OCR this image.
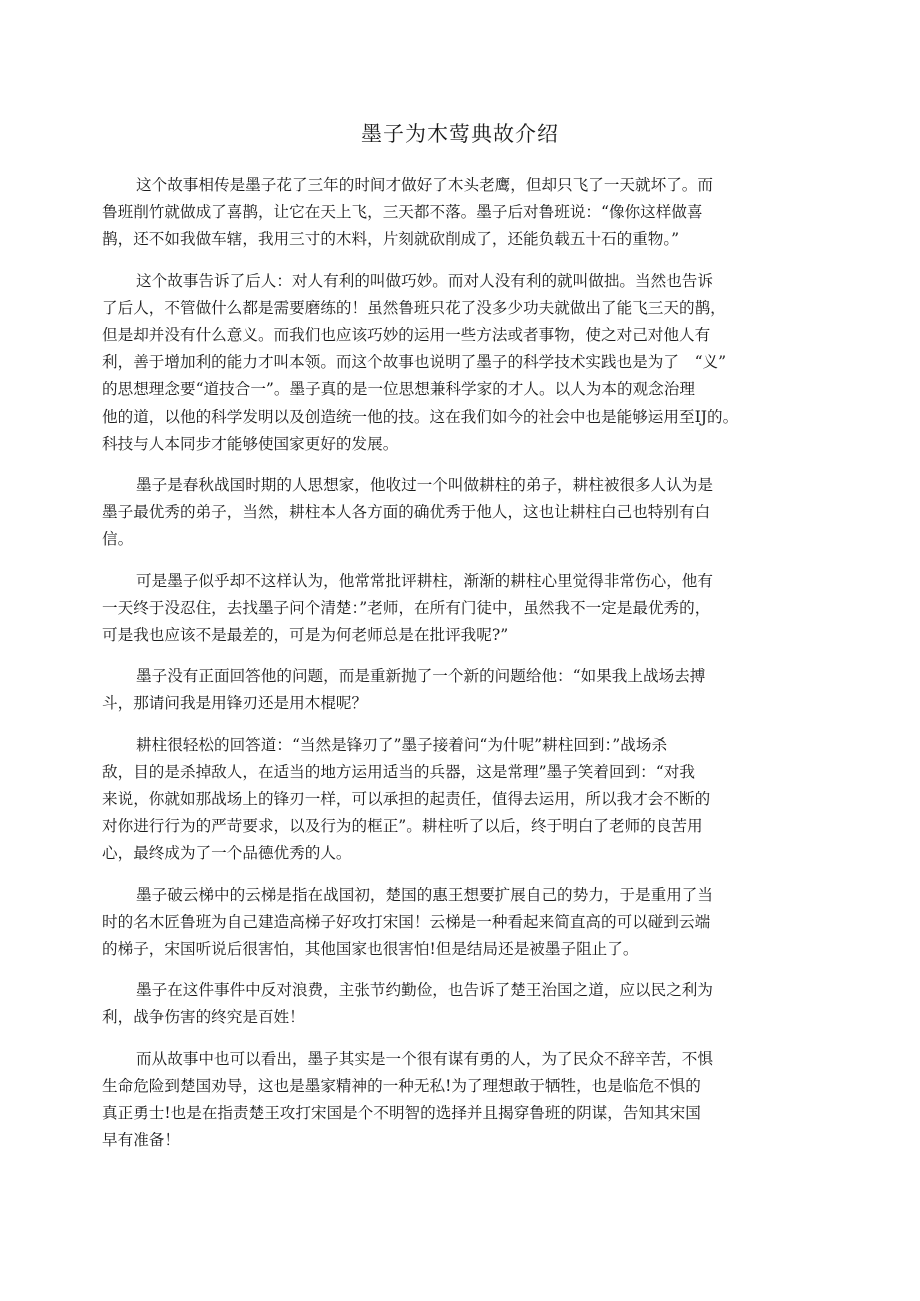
墨子为木莺典故介绍

这个故事相传是墨子花了三年的时间才做好了木头老鹰，但却只飞了一天就坏了。而
鲁班削竹就做成了喜鹊，让它在天上飞，三天都不落。墨子后对鲁班说：“像你这样做喜
鹊，还不如我做车辖，我用三寸的木料，片刻就砍削成了，还能负载五十石的重物。”

这个故事告诉了后人：对人有利的叫做巧妙。而对人没有利的就叫做拙。当然也告诉
了后人，不管做什么都是需要磨练的！虽然鲁班只花了没多少功夫就做出了能飞三天的鹊，
但是却并没有什么意义。而我们也应该巧妙的运用一些方法或者事物，使之对己对他人有
利，善于增加利的能力才叫本领。而这个故事也说明了墨子的科学技术实践也是为了　“义”
的思想理念要“道技合一”。墨子真的是一位思想兼科学家的才人。以人为本的观念治理
他的道，以他的科学发明以及创造统一他的技。这在我们如今的社会中也是能够运用至IJ的。
科技与人本同步才能够使国家更好的发展。

墨子是春秋战国时期的人思想家，他收过一个叫做耕柱的弟子，耕柱被很多人认为是
墨子最优秀的弟子，当然，耕柱本人各方面的确优秀于他人，这也让耕柱白己也特别有白
信。

可是墨子似乎却不这样认为，他常常批评耕柱，渐渐的耕柱心里觉得非常伤心，他有
一天终于没忍住，去找墨子问个清楚：”老师，在所有门徒中，虽然我不一定是最优秀的，
可是我也应该不是最差的，可是为何老师总是在批评我呢?”

墨子没有正面回答他的问题，而是重新抛了一个新的问题给他：“如果我上战场去搏
斗，那请问我是用锋刃还是用木棍呢？

耕柱很轻松的回答道：“当然是锋刃了”墨子接着问“为什呢”耕柱回到：”战场杀
敌，目的是杀掉敌人，在适当的地方运用适当的兵器，这是常理”墨子笑着回到：“对我
来说，你就如那战场上的锋刃一样，可以承担的起责任，值得去运用，所以我才会不断的
对你进行行为的严苛要求，以及行为的框正”。耕柱听了以后，终于明白了老师的良苦用
心，最终成为了一个品德优秀的人。

墨子破云梯中的云梯是指在战国初，楚国的惠王想要扩展自己的势力，于是重用了当
时的名木匠鲁班为自己建造高梯子好攻打宋国！云梯是一种看起来简直高的可以碰到云端
的梯子，宋国听说后很害怕，其他国家也很害怕!但是结局还是被墨子阻止了。

墨子在这件事件中反对浪费，主张节约勤俭，也告诉了楚王治国之道，应以民之利为
利，战争伤害的终究是百姓！

而从故事中也可以看出，墨子其实是一个很有谋有勇的人，为了民众不辞辛苦，不惧
生命危险到楚国劝导，这也是墨家精神的一种无私!为了理想敢于牺牲，也是临危不惧的
真正勇士!也是在指责楚王攻打宋国是个不明智的选择并且揭穿鲁班的阴谋，告知其宋国
早有准备！
